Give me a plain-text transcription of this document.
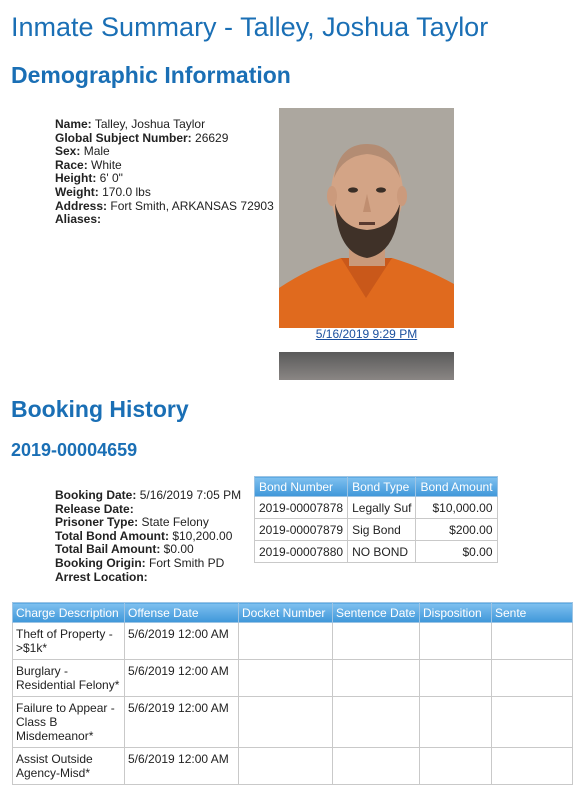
Inmate Summary - Talley, Joshua Taylor
Demographic Information
Name: Talley, Joshua Taylor
Global Subject Number: 26629
Sex: Male
Race: White
Height: 6' 0"
Weight: 170.0 lbs
Address: Fort Smith, ARKANSAS 72903
Aliases:
5/16/2019 9:29 PM
Booking History
2019-00004659
Booking Date: 5/16/2019 7:05 PM
Release Date:
Prisoner Type: State Felony
Total Bond Amount: $10,200.00
Total Bail Amount: $0.00
Booking Origin: Fort Smith PD
Arrest Location:
Bond Number	Bond Type	Bond Amount
2019-00007878	Legally Suf	$10,000.00
2019-00007879	Sig Bond	$200.00
2019-00007880	NO BOND	$0.00
Charge Description	Offense Date	Docket Number	Sentence Date	Disposition	Sente
Theft of Property - >$1k*	5/6/2019 12:00 AM				
Burglary - Residential Felony*	5/6/2019 12:00 AM				
Failure to Appear - Class B Misdemeanor*	5/6/2019 12:00 AM				
Assist Outside Agency-Misd*	5/6/2019 12:00 AM				
